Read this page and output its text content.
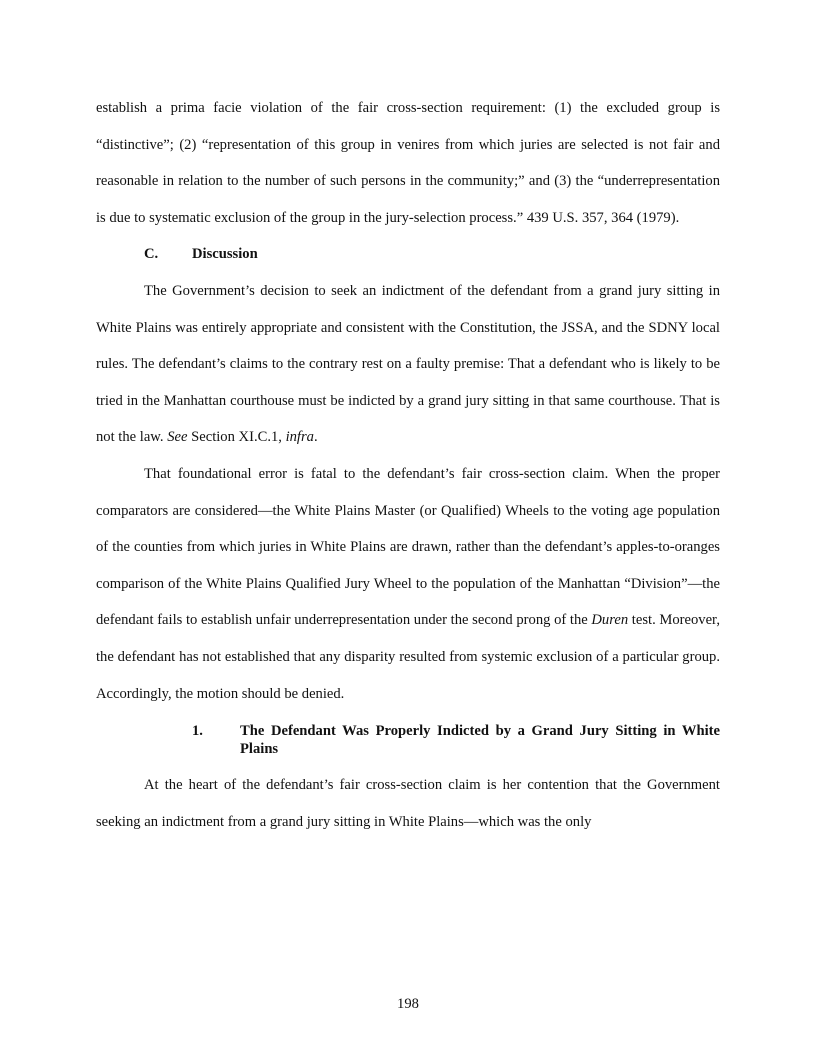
establish a prima facie violation of the fair cross-section requirement: (1) the excluded group is “distinctive”; (2) “representation of this group in venires from which juries are selected is not fair and reasonable in relation to the number of such persons in the community;” and (3) the “underrepresentation is due to systematic exclusion of the group in the jury-selection process.” 439 U.S. 357, 364 (1979).

C.	Discussion

The Government’s decision to seek an indictment of the defendant from a grand jury sitting in White Plains was entirely appropriate and consistent with the Constitution, the JSSA, and the SDNY local rules. The defendant’s claims to the contrary rest on a faulty premise: That a defendant who is likely to be tried in the Manhattan courthouse must be indicted by a grand jury sitting in that same courthouse. That is not the law. See Section XI.C.1, infra.

That foundational error is fatal to the defendant’s fair cross-section claim. When the proper comparators are considered—the White Plains Master (or Qualified) Wheels to the voting age population of the counties from which juries in White Plains are drawn, rather than the defendant’s apples-to-oranges comparison of the White Plains Qualified Jury Wheel to the population of the Manhattan “Division”—the defendant fails to establish unfair underrepresentation under the second prong of the Duren test. Moreover, the defendant has not established that any disparity resulted from systemic exclusion of a particular group. Accordingly, the motion should be denied.

1.	The Defendant Was Properly Indicted by a Grand Jury Sitting in White Plains

At the heart of the defendant’s fair cross-section claim is her contention that the Government seeking an indictment from a grand jury sitting in White Plains—which was the only

198
